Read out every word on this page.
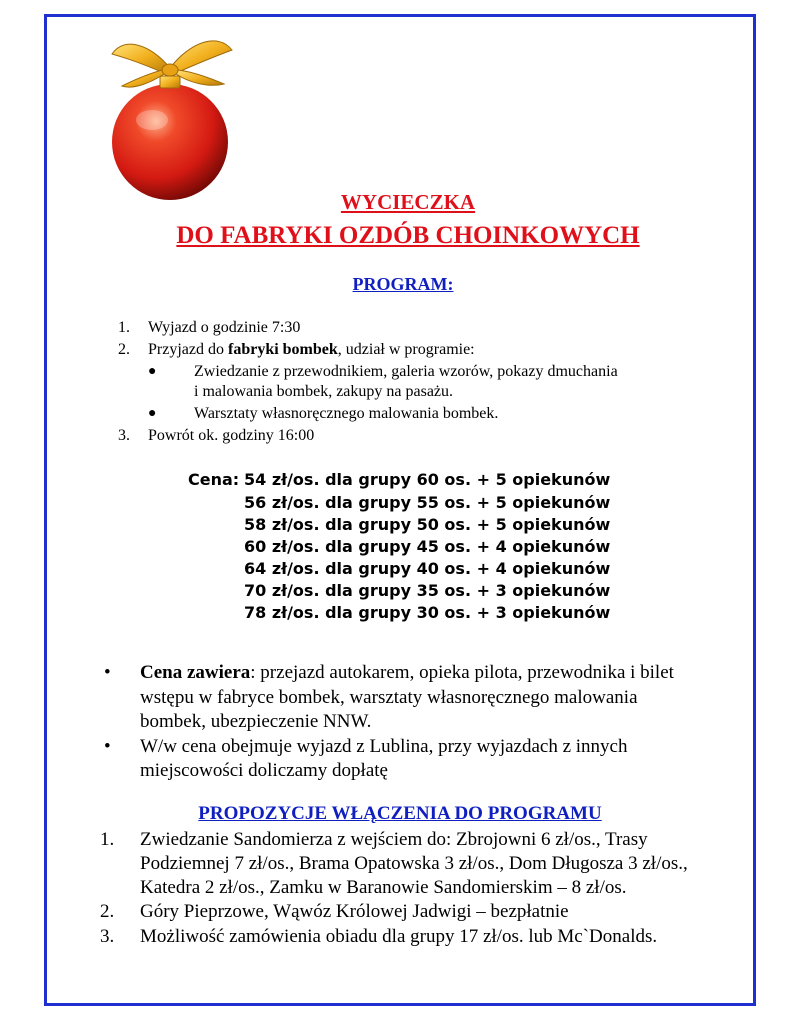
WYCIECZKA
DO FABRYKI OZDÓB CHOINKOWYCH
PROGRAM:
1. Wyjazd o godzinie 7:30
2. Przyjazd do fabryki bombek, udział w programie:
● Zwiedzanie z przewodnikiem, galeria wzorów, pokazy dmuchania
i malowania bombek, zakupy na pasażu.
● Warsztaty własnoręcznego malowania bombek.
3. Powrót ok. godziny 16:00
Cena: 54 zł/os. dla grupy 60 os. + 5 opiekunów
56 zł/os. dla grupy 55 os. + 5 opiekunów
58 zł/os. dla grupy 50 os. + 5 opiekunów
60 zł/os. dla grupy 45 os. + 4 opiekunów
64 zł/os. dla grupy 40 os. + 4 opiekunów
70 zł/os. dla grupy 35 os. + 3 opiekunów
78 zł/os. dla grupy 30 os. + 3 opiekunów
• Cena zawiera: przejazd autokarem, opieka pilota, przewodnika i bilet
wstępu w fabryce bombek, warsztaty własnoręcznego malowania
bombek, ubezpieczenie NNW.
• W/w cena obejmuje wyjazd z Lublina, przy wyjazdach z innych
miejscowości doliczamy dopłatę
PROPOZYCJE WŁĄCZENIA DO PROGRAMU
1. Zwiedzanie Sandomierza z wejściem do: Zbrojowni 6 zł/os., Trasy
Podziemnej 7 zł/os., Brama Opatowska 3 zł/os., Dom Długosza 3 zł/os.,
Katedra 2 zł/os., Zamku w Baranowie Sandomierskim – 8 zł/os.
2. Góry Pieprzowe, Wąwóz Królowej Jadwigi – bezpłatnie
3. Możliwość zamówienia obiadu dla grupy 17 zł/os. lub Mc`Donalds.
